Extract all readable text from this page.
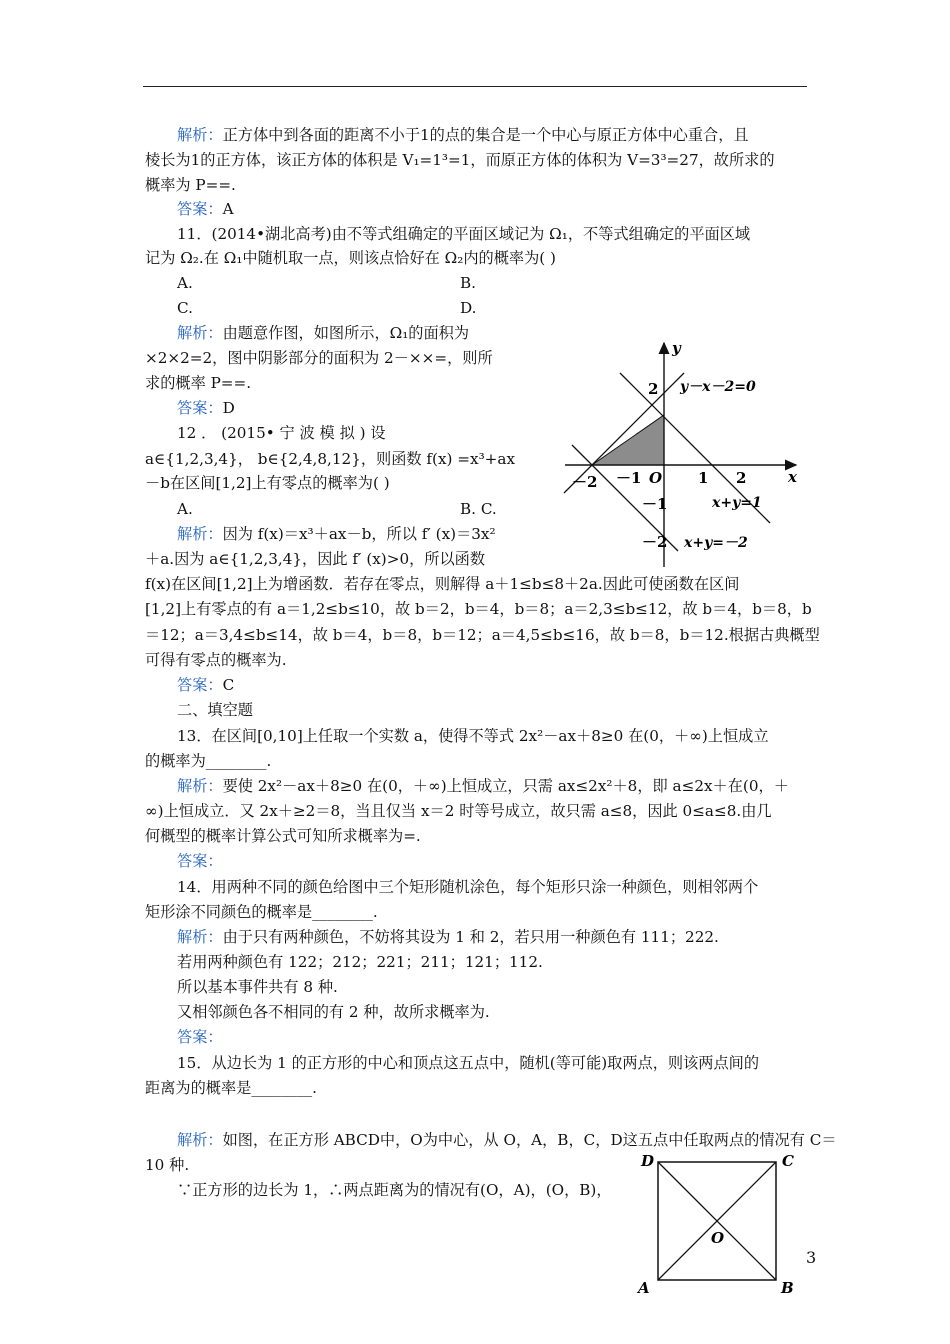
解析：正方体中到各面的距离不小于1的点的集合是一个中心与原正方体中心重合，且
棱长为1的正方体，该正方体的体积是 V₁=1³=1，而原正方体的体积为 V=3³=27，故所求的
概率为 P==.
答案：A
11．(2014•湖北高考)由不等式组确定的平面区域记为 Ω₁，不等式组确定的平面区域
记为 Ω₂.在 Ω₁中随机取一点，则该点恰好在 Ω₂内的概率为( )
A.	B.
C.	D.
解析：由题意作图，如图所示，Ω₁的面积为
×2×2=2，图中阴影部分的面积为 2－××=，则所
求的概率 P==.
答案：D
12 ． (2015• 宁 波 模 拟 ) 设
a∈{1,2,3,4}， b∈{2,4,8,12}，则函数 f(x) =x³+ax
－b在区间[1,2]上有零点的概率为( )
A.	B. C.
解析：因为 f(x)＝x³＋ax－b，所以 f′ (x)＝3x²
＋a.因为 a∈{1,2,3,4}，因此 f′ (x)>0，所以函数
f(x)在区间[1,2]上为增函数．若存在零点，则解得 a＋1≤b≤8＋2a.因此可使函数在区间
[1,2]上有零点的有 a＝1,2≤b≤10，故 b＝2，b＝4，b＝8；a＝2,3≤b≤12，故 b＝4，b＝8，b
＝12；a＝3,4≤b≤14，故 b＝4，b＝8，b＝12；a＝4,5≤b≤16，故 b＝8，b＝12.根据古典概型
可得有零点的概率为.
答案：C
二、填空题
13．在区间[0,10]上任取一个实数 a，使得不等式 2x²－ax＋8≥0 在(0，＋∞)上恒成立
的概率为________.
解析：要使 2x²－ax＋8≥0 在(0，＋∞)上恒成立，只需 ax≤2x²＋8，即 a≤2x＋在(0，＋
∞)上恒成立．又 2x＋≥2＝8，当且仅当 x＝2 时等号成立，故只需 a≤8，因此 0≤a≤8.由几
何概型的概率计算公式可知所求概率为=.
答案：
14．用两种不同的颜色给图中三个矩形随机涂色，每个矩形只涂一种颜色，则相邻两个
矩形涂不同颜色的概率是________.
解析：由于只有两种颜色，不妨将其设为 1 和 2，若只用一种颜色有 111；222.
若用两种颜色有 122；212；221；211；121；112.
所以基本事件共有 8 种.
又相邻颜色各不相同的有 2 种，故所求概率为.
答案：
15．从边长为 1 的正方形的中心和顶点这五点中，随机(等可能)取两点，则该两点间的
距离为的概率是________.
解析：如图，在正方形 ABCD中，O为中心，从 O，A，B，C，D这五点中任取两点的情况有 C＝
10 种.
∵正方形的边长为 1，∴两点距离为的情况有(O，A)，(O，B)，
y
x
2
－1
－2
－2 －1 O 1 2
y－x－2=0
x+y=1
x+y=－2
D	C
A	B
O
3
